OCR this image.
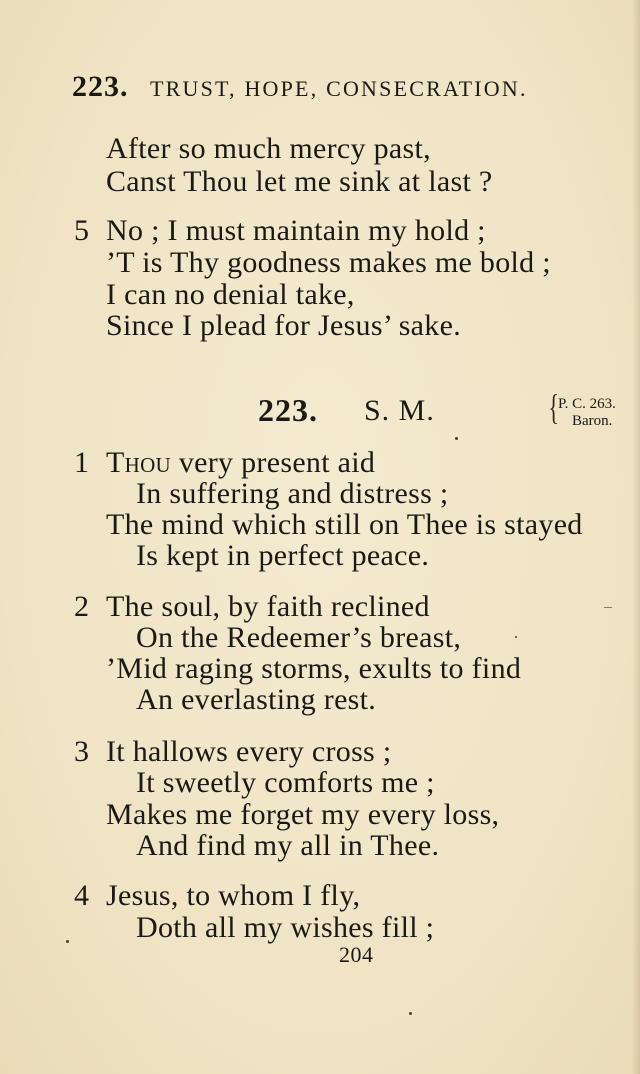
223. TRUST, HOPE, CONSECRATION.
After so much mercy past,
Canst Thou let me sink at last ?
5 No ; I must maintain my hold ;
’T is Thy goodness makes me bold ;
I can no denial take,
Since I plead for Jesus’ sake.
223. S. M.	{ P. C. 263.
Baron.
1 Thou very present aid
In suffering and distress ;
The mind which still on Thee is stayed
Is kept in perfect peace.
2 The soul, by faith reclined
On the Redeemer’s breast,
’Mid raging storms, exults to find
An everlasting rest.
3 It hallows every cross ;
It sweetly comforts me ;
Makes me forget my every loss,
And find my all in Thee.
4 Jesus, to whom I fly,
Doth all my wishes fill ;
204
